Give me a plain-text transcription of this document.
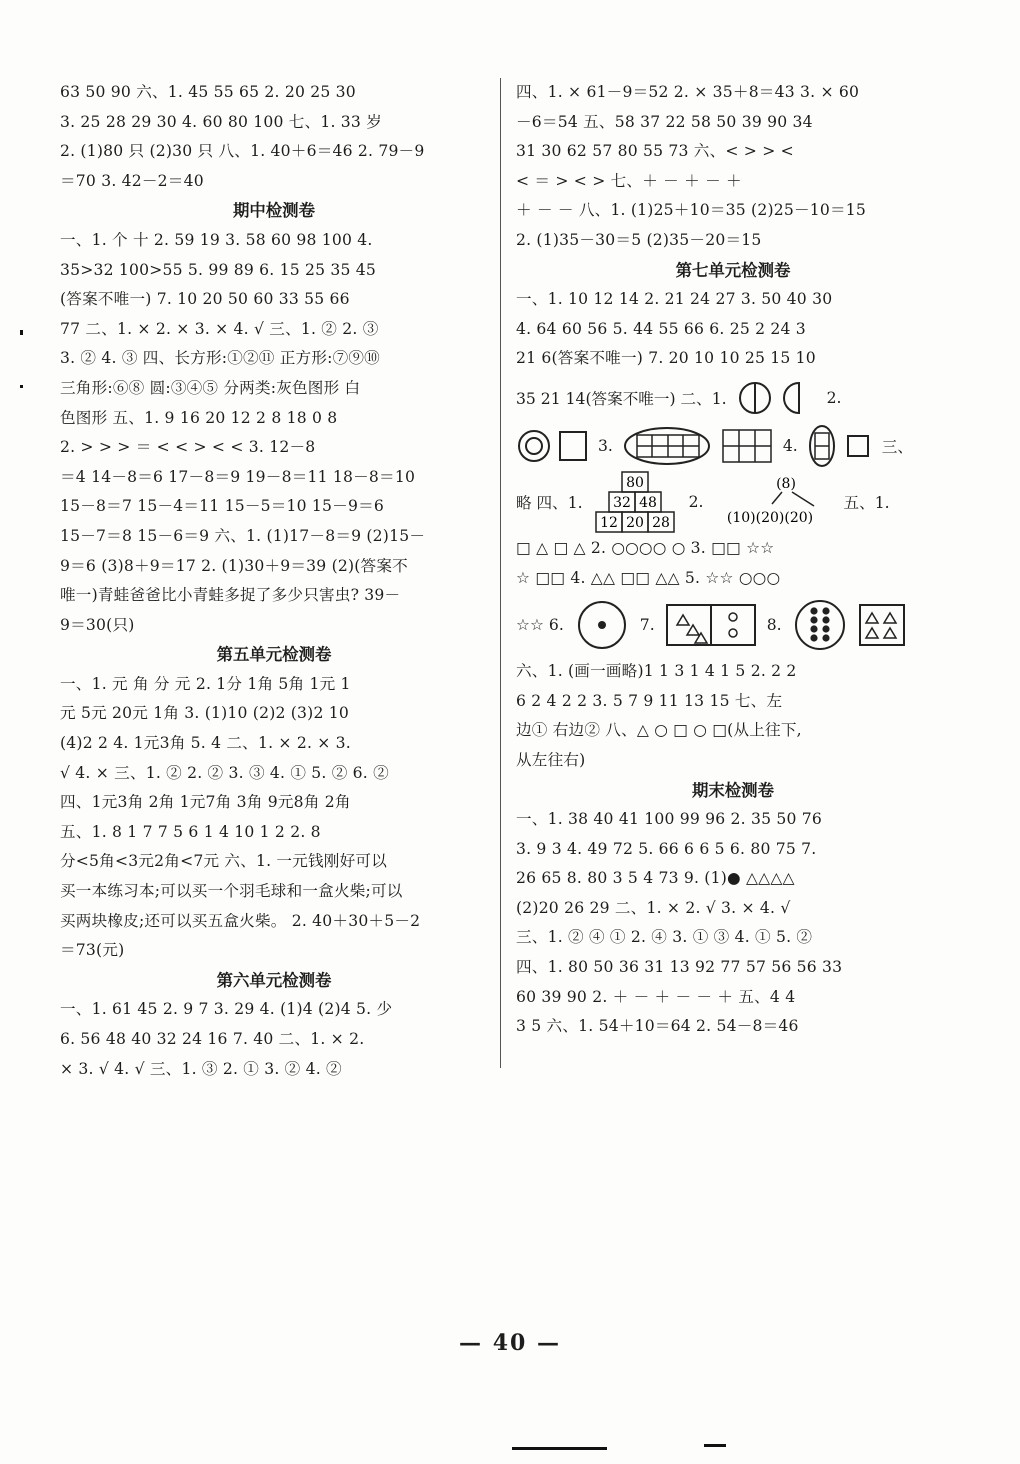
63 50 90 六、1. 45 55 65 2. 20 25 30
3. 25 28 29 30 4. 60 80 100 七、1. 33 岁
2. (1)80 只 (2)30 只 八、1. 40＋6＝46 2. 79－9
＝70 3. 42－2＝40
期中检测卷
一、1. 个 十 2. 59 19 3. 58 60 98 100 4.
35>32 100>55 5. 99 89 6. 15 25 35 45
(答案不唯一) 7. 10 20 50 60 33 55 66
77 二、1. × 2. × 3. × 4. √ 三、1. ② 2. ③
3. ② 4. ③ 四、长方形:①②⑪ 正方形:⑦⑨⑩
三角形:⑥⑧ 圆:③④⑤ 分两类:灰色图形 白
色图形 五、1. 9 16 20 12 2 8 18 0 8
2. > > > ＝ < < > < < 3. 12－8
＝4 14－8＝6 17－8＝9 19－8＝11 18－8＝10
15－8＝7 15－4＝11 15－5＝10 15－9＝6
15－7＝8 15－6＝9 六、1. (1)17－8＝9 (2)15－
9＝6 (3)8＋9＝17 2. (1)30＋9＝39 (2)(答案不
唯一)青蛙爸爸比小青蛙多捉了多少只害虫? 39－
9＝30(只)
第五单元检测卷
一、1. 元 角 分 元 2. 1分 1角 5角 1元 1
元 5元 20元 1角 3. (1)10 (2)2 (3)2 10
(4)2 2 4. 1元3角 5. 4 二、1. × 2. × 3.
√ 4. × 三、1. ② 2. ② 3. ③ 4. ① 5. ② 6. ②
四、1元3角 2角 1元7角 3角 9元8角 2角
五、1. 8 1 7 7 5 6 1 4 10 1 2 2. 8
分<5角<3元2角<7元 六、1. 一元钱刚好可以
买一本练习本;可以买一个羽毛球和一盒火柴;可以
买两块橡皮;还可以买五盒火柴。 2. 40＋30＋5－2
＝73(元)
第六单元检测卷
一、1. 61 45 2. 9 7 3. 29 4. (1)4 (2)4 5. 少
6. 56 48 40 32 24 16 7. 40 二、1. × 2.
× 3. √ 4. √ 三、1. ③ 2. ① 3. ② 4. ②
四、1. × 61－9＝52 2. × 35＋8＝43 3. × 60
－6＝54 五、58 37 22 58 50 39 90 34
31 30 62 57 80 55 73 六、< > > <
< ＝ > < > 七、＋ － ＋ － ＋
＋ － － 八、1. (1)25＋10＝35 (2)25－10＝15
2. (1)35－30＝5 (2)35－20＝15
第七单元检测卷
一、1. 10 12 14 2. 21 24 27 3. 50 40 30
4. 64 60 56 5. 44 55 66 6. 25 2 24 3
21 6(答案不唯一) 7. 20 10 10 25 15 10
35 21 14(答案不唯一) 二、1.	2.
3.	4.	三、
略 四、1.
80
32 48
12 20 28
2.
(8)
(10)(20)(20)
五、1.
□ △ □ △ 2. ○○○○ ○ 3. □□ ☆☆
☆ □□ 4. △△ □□ △△ 5. ☆☆ ○○○
☆☆ 6.	7.	8.
六、1. (画一画略)1 1 3 1 4 1 5 2. 2 2
6 2 4 2 2 3. 5 7 9 11 13 15 七、左
边① 右边② 八、△ ○ □ ○ □(从上往下,
从左往右)
期末检测卷
一、1. 38 40 41 100 99 96 2. 35 50 76
3. 9 3 4. 49 72 5. 66 6 6 5 6. 80 75 7.
26 65 8. 80 3 5 4 73 9. (1)● △△△△
(2)20 26 29 二、1. × 2. √ 3. × 4. √
三、1. ② ④ ① 2. ④ 3. ① ③ 4. ① 5. ②
四、1. 80 50 36 31 13 92 77 57 56 56 33
60 39 90 2. ＋ － ＋ － － ＋ 五、4 4
3 5 六、1. 54＋10＝64 2. 54－8＝46
— 40 —
